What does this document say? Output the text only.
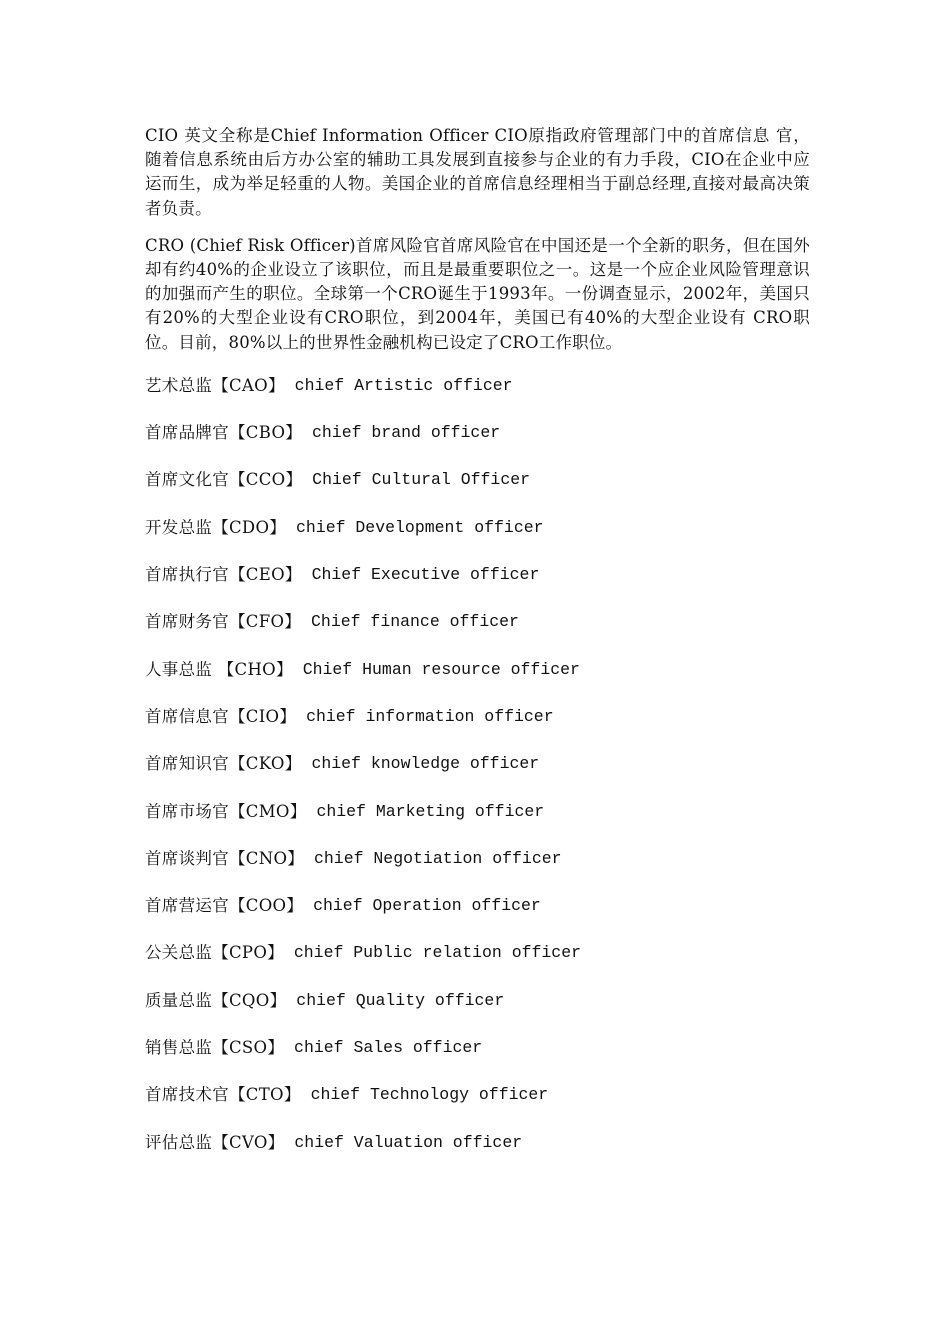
CIO 英文全称是Chief Information Officer CIO原指政府管理部门中的首席信息 官，随着信息系统由后方办公室的辅助工具发展到直接参与企业的有力手段，CIO在企业中应运而生，成为举足轻重的人物。美国企业的首席信息经理相当于副总经理,直接对最高决策者负责。

CRO (Chief Risk Officer)首席风险官首席风险官在中国还是一个全新的职务，但在国外却有约40%的企业设立了该职位，而且是最重要职位之一。这是一个应企业风险管理意识的加强而产生的职位。全球第一个CRO诞生于1993年。一份调查显示，2002年，美国只有20%的大型企业设有CRO职位，到2004年，美国已有40%的大型企业设有 CRO职位。目前，80%以上的世界性金融机构已设定了CRO工作职位。

艺术总监【CAO】 chief Artistic officer
首席品牌官【CBO】 chief brand officer
首席文化官【CCO】 Chief Cultural Officer
开发总监【CDO】 chief Development officer
首席执行官【CEO】 Chief Executive officer
首席财务官【CFO】 Chief finance officer
人事总监 【CHO】 Chief Human resource officer
首席信息官【CIO】 chief information officer
首席知识官【CKO】 chief knowledge officer
首席市场官【CMO】 chief Marketing officer
首席谈判官【CNO】 chief Negotiation officer
首席营运官【COO】 chief Operation officer
公关总监【CPO】 chief Public relation officer
质量总监【CQO】 chief Quality officer
销售总监【CSO】 chief Sales officer
首席技术官【CTO】 chief Technology officer
评估总监【CVO】 chief Valuation officer
